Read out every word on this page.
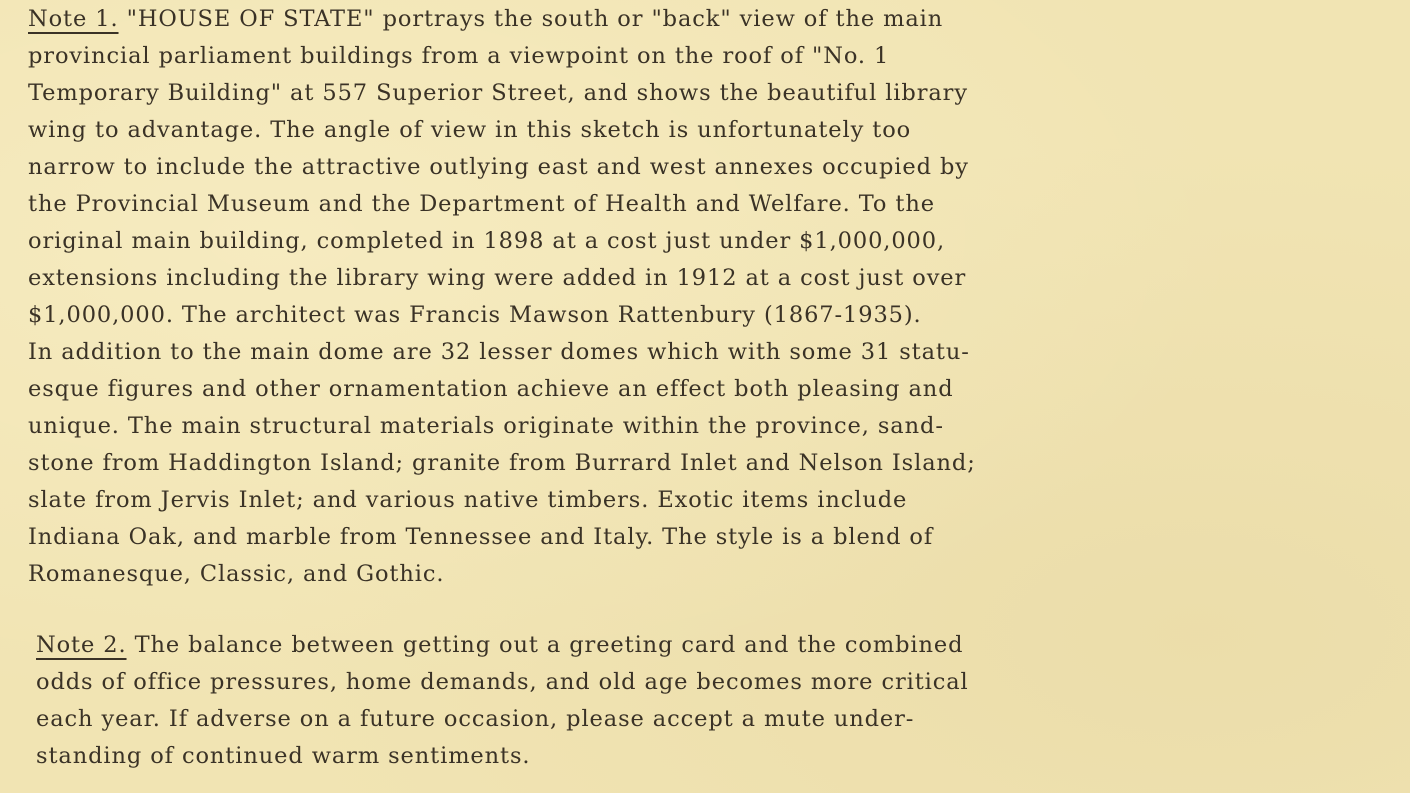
Note 1. "HOUSE OF STATE" portrays the south or "back" view of the main
provincial parliament buildings from a viewpoint on the roof of "No. 1
Temporary Building" at 557 Superior Street, and shows the beautiful library
wing to advantage. The angle of view in this sketch is unfortunately too
narrow to include the attractive outlying east and west annexes occupied by
the Provincial Museum and the Department of Health and Welfare. To the
original main building, completed in 1898 at a cost just under $1,000,000,
extensions including the library wing were added in 1912 at a cost just over
$1,000,000. The architect was Francis Mawson Rattenbury (1867-1935).
In addition to the main dome are 32 lesser domes which with some 31 statu-
esque figures and other ornamentation achieve an effect both pleasing and
unique. The main structural materials originate within the province, sand-
stone from Haddington Island; granite from Burrard Inlet and Nelson Island;
slate from Jervis Inlet; and various native timbers. Exotic items include
Indiana Oak, and marble from Tennessee and Italy. The style is a blend of
Romanesque, Classic, and Gothic.
Note 2. The balance between getting out a greeting card and the combined
odds of office pressures, home demands, and old age becomes more critical
each year. If adverse on a future occasion, please accept a mute under-
standing of continued warm sentiments.
